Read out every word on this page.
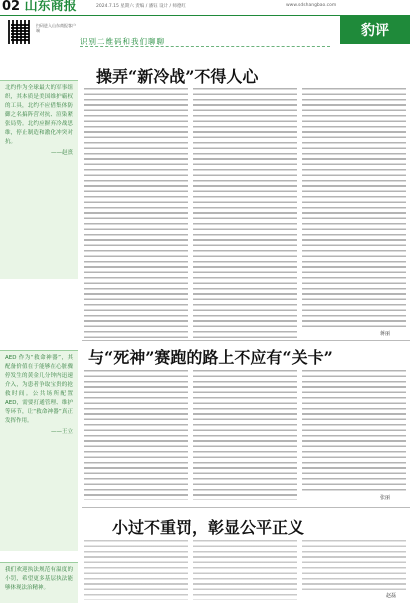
02 山东商报	2024.7.15 星期六 责编 / 潘钰 设计 / 师德红	www.sdshangbao.com
扫码进入山东商报客户端
识别二维码和我们聊聊
豹评
操弄“新冷战”不得人心
北约作为全球最大的军事组织，其本质是美国维护霸权的工具，北约不应借集体防御之名搞阵营对抗、渲染紧张局势。北约应摒弃冷战思维，停止制造和激化冲突对抗。
——赵熹
蒋丽
与“死神”赛跑的路上不应有“关卡”
AED 作为“救命神器”，其配备价值在于能够在心脏骤停发生的黄金几分钟内迅速介入，为患者争取宝贵的抢救时间。公共场所配置AED，需要打通管理、维护等环节，让“救命神器”真正发挥作用。
——王立
张丽
小过不重罚，彰显公平正义
我们欢迎执法规范有温度的小罚，希望更多基层执法能够体现法治精神。
赵磊
